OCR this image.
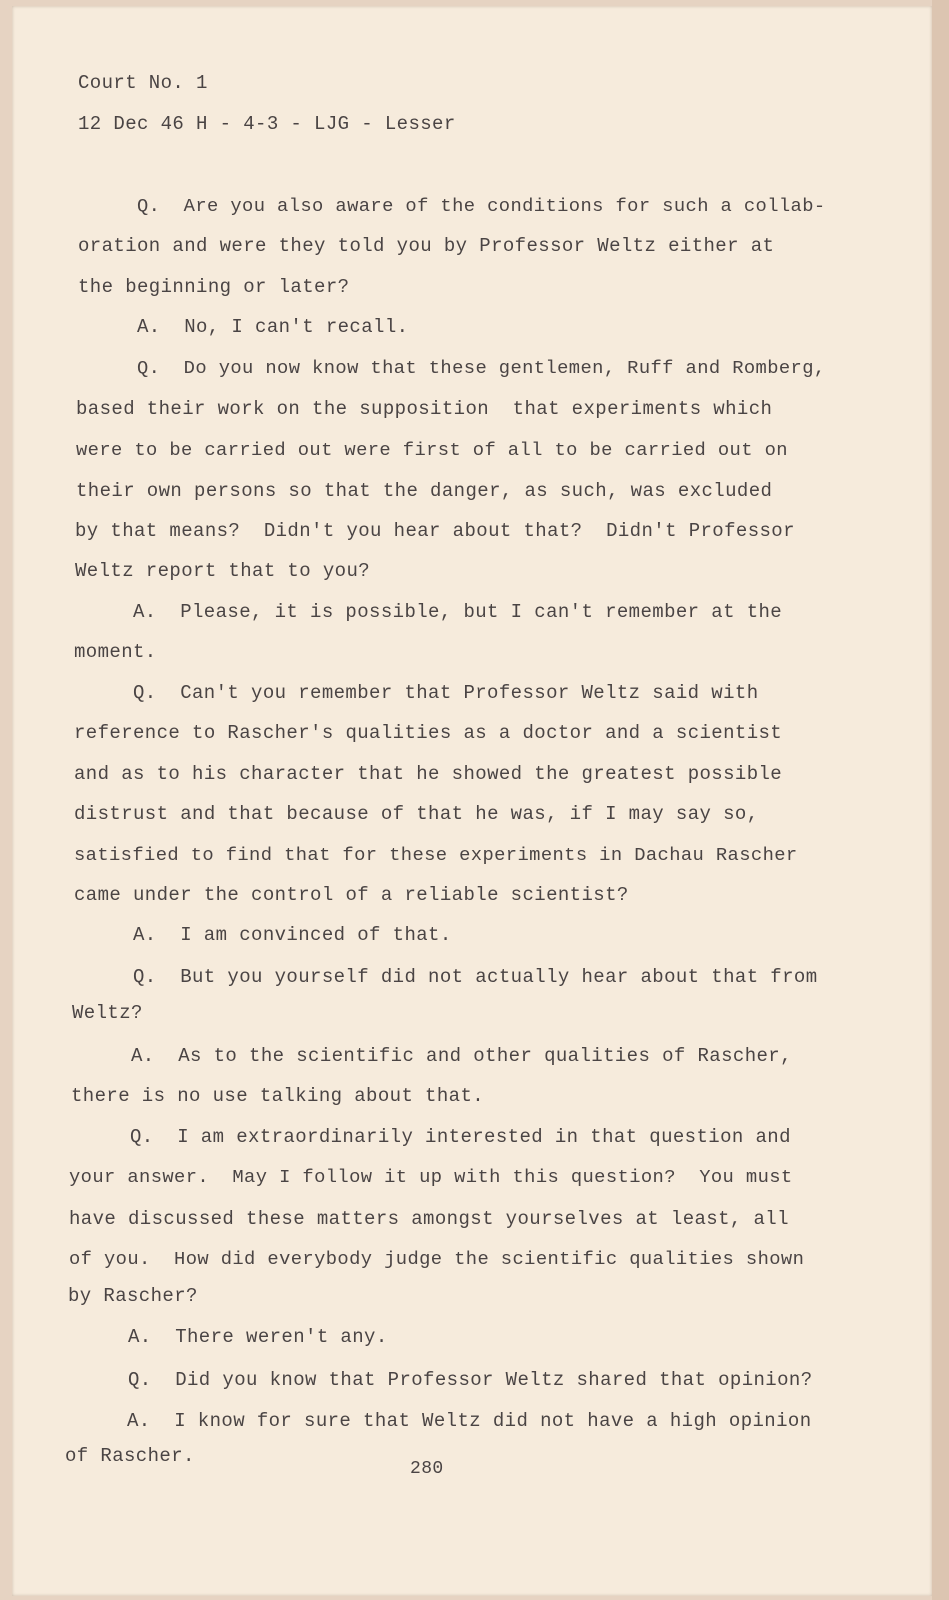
Court No. 1

12 Dec 46 H - 4-3 - LJG - Lesser

Q.  Are you also aware of the conditions for such a collab-

oration and were they told you by Professor Weltz either at

the beginning or later?

A.  No, I can't recall.

Q.  Do you now know that these gentlemen, Ruff and Romberg,

based their work on the supposition  that experiments which

were to be carried out were first of all to be carried out on

their own persons so that the danger, as such, was excluded

by that means?  Didn't you hear about that?  Didn't Professor

Weltz report that to you?

A.  Please, it is possible, but I can't remember at the

moment.

Q.  Can't you remember that Professor Weltz said with

reference to Rascher's qualities as a doctor and a scientist

and as to his character that he showed the greatest possible

distrust and that because of that he was, if I may say so,

satisfied to find that for these experiments in Dachau Rascher

came under the control of a reliable scientist?

A.  I am convinced of that.

Q.  But you yourself did not actually hear about that from

Weltz?

A.  As to the scientific and other qualities of Rascher,

there is no use talking about that.

Q.  I am extraordinarily interested in that question and

your answer.  May I follow it up with this question?  You must

have discussed these matters amongst yourselves at least, all

of you.  How did everybody judge the scientific qualities shown

by Rascher?

A.  There weren't any.

Q.  Did you know that Professor Weltz shared that opinion?

A.  I know for sure that Weltz did not have a high opinion

of Rascher.

280
